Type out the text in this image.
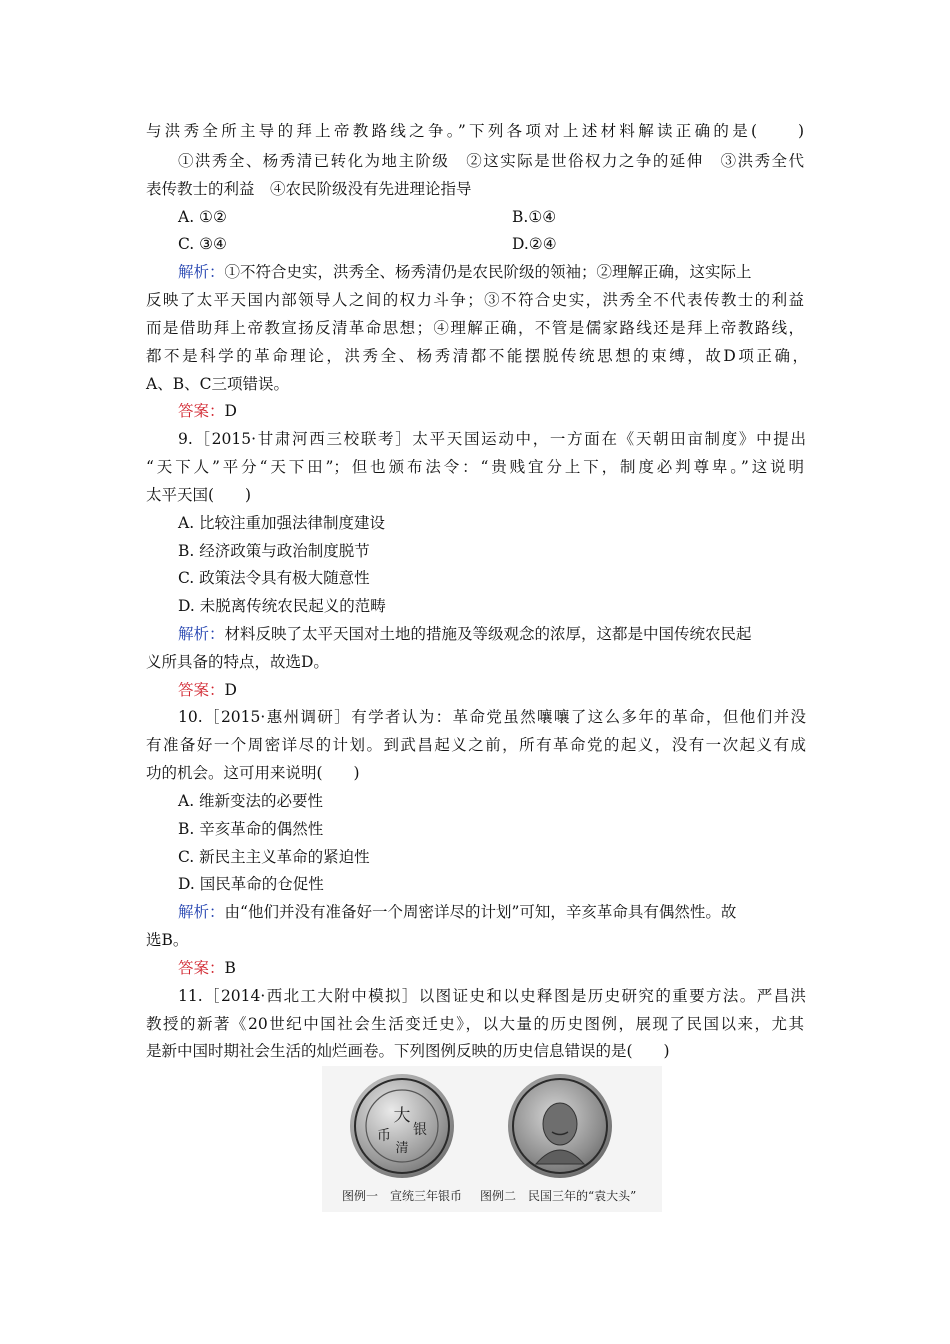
与洪秀全所主导的拜上帝教路线之争。”下列各项对上述材料解读正确的是(　　)
①洪秀全、杨秀清已转化为地主阶级　②这实际是世俗权力之争的延伸　③洪秀全代
表传教士的利益　④农民阶级没有先进理论指导
A. ①②	B.①④
C. ③④	D.②④
解析：①不符合史实，洪秀全、杨秀清仍是农民阶级的领袖；②理解正确，这实际上
反映了太平天国内部领导人之间的权力斗争；③不符合史实，洪秀全不代表传教士的利益
而是借助拜上帝教宣扬反清革命思想；④理解正确，不管是儒家路线还是拜上帝教路线，
都不是科学的革命理论，洪秀全、杨秀清都不能摆脱传统思想的束缚，故D项正确，
A、B、C三项错误。
答案：D
9.［2015·甘肃河西三校联考］太平天国运动中，一方面在《天朝田亩制度》中提出
“天下人”平分“天下田”；但也颁布法令：“贵贱宜分上下，制度必判尊卑。”这说明
太平天国(　　)
A. 比较注重加强法律制度建设
B. 经济政策与政治制度脱节
C. 政策法令具有极大随意性
D. 未脱离传统农民起义的范畴
解析：材料反映了太平天国对土地的措施及等级观念的浓厚，这都是中国传统农民起
义所具备的特点，故选D。
答案：D
10.［2015·惠州调研］有学者认为：革命党虽然嚷嚷了这么多年的革命，但他们并没
有准备好一个周密详尽的计划。到武昌起义之前，所有革命党的起义，没有一次起义有成
功的机会。这可用来说明(　　)
A. 维新变法的必要性
B. 辛亥革命的偶然性
C. 新民主主义革命的紧迫性
D. 国民革命的仓促性
解析：由“他们并没有准备好一个周密详尽的计划”可知，辛亥革命具有偶然性。故
选B。
答案：B
11.［2014·西北工大附中模拟］以图证史和以史释图是历史研究的重要方法。严昌洪
教授的新著《20世纪中国社会生活变迁史》，以大量的历史图例，展现了民国以来，尤其
是新中国时期社会生活的灿烂画卷。下列图例反映的历史信息错误的是(　　)
大
币 银
清
图例一　宣统三年银币 图例二　民国三年的“袁大头”
